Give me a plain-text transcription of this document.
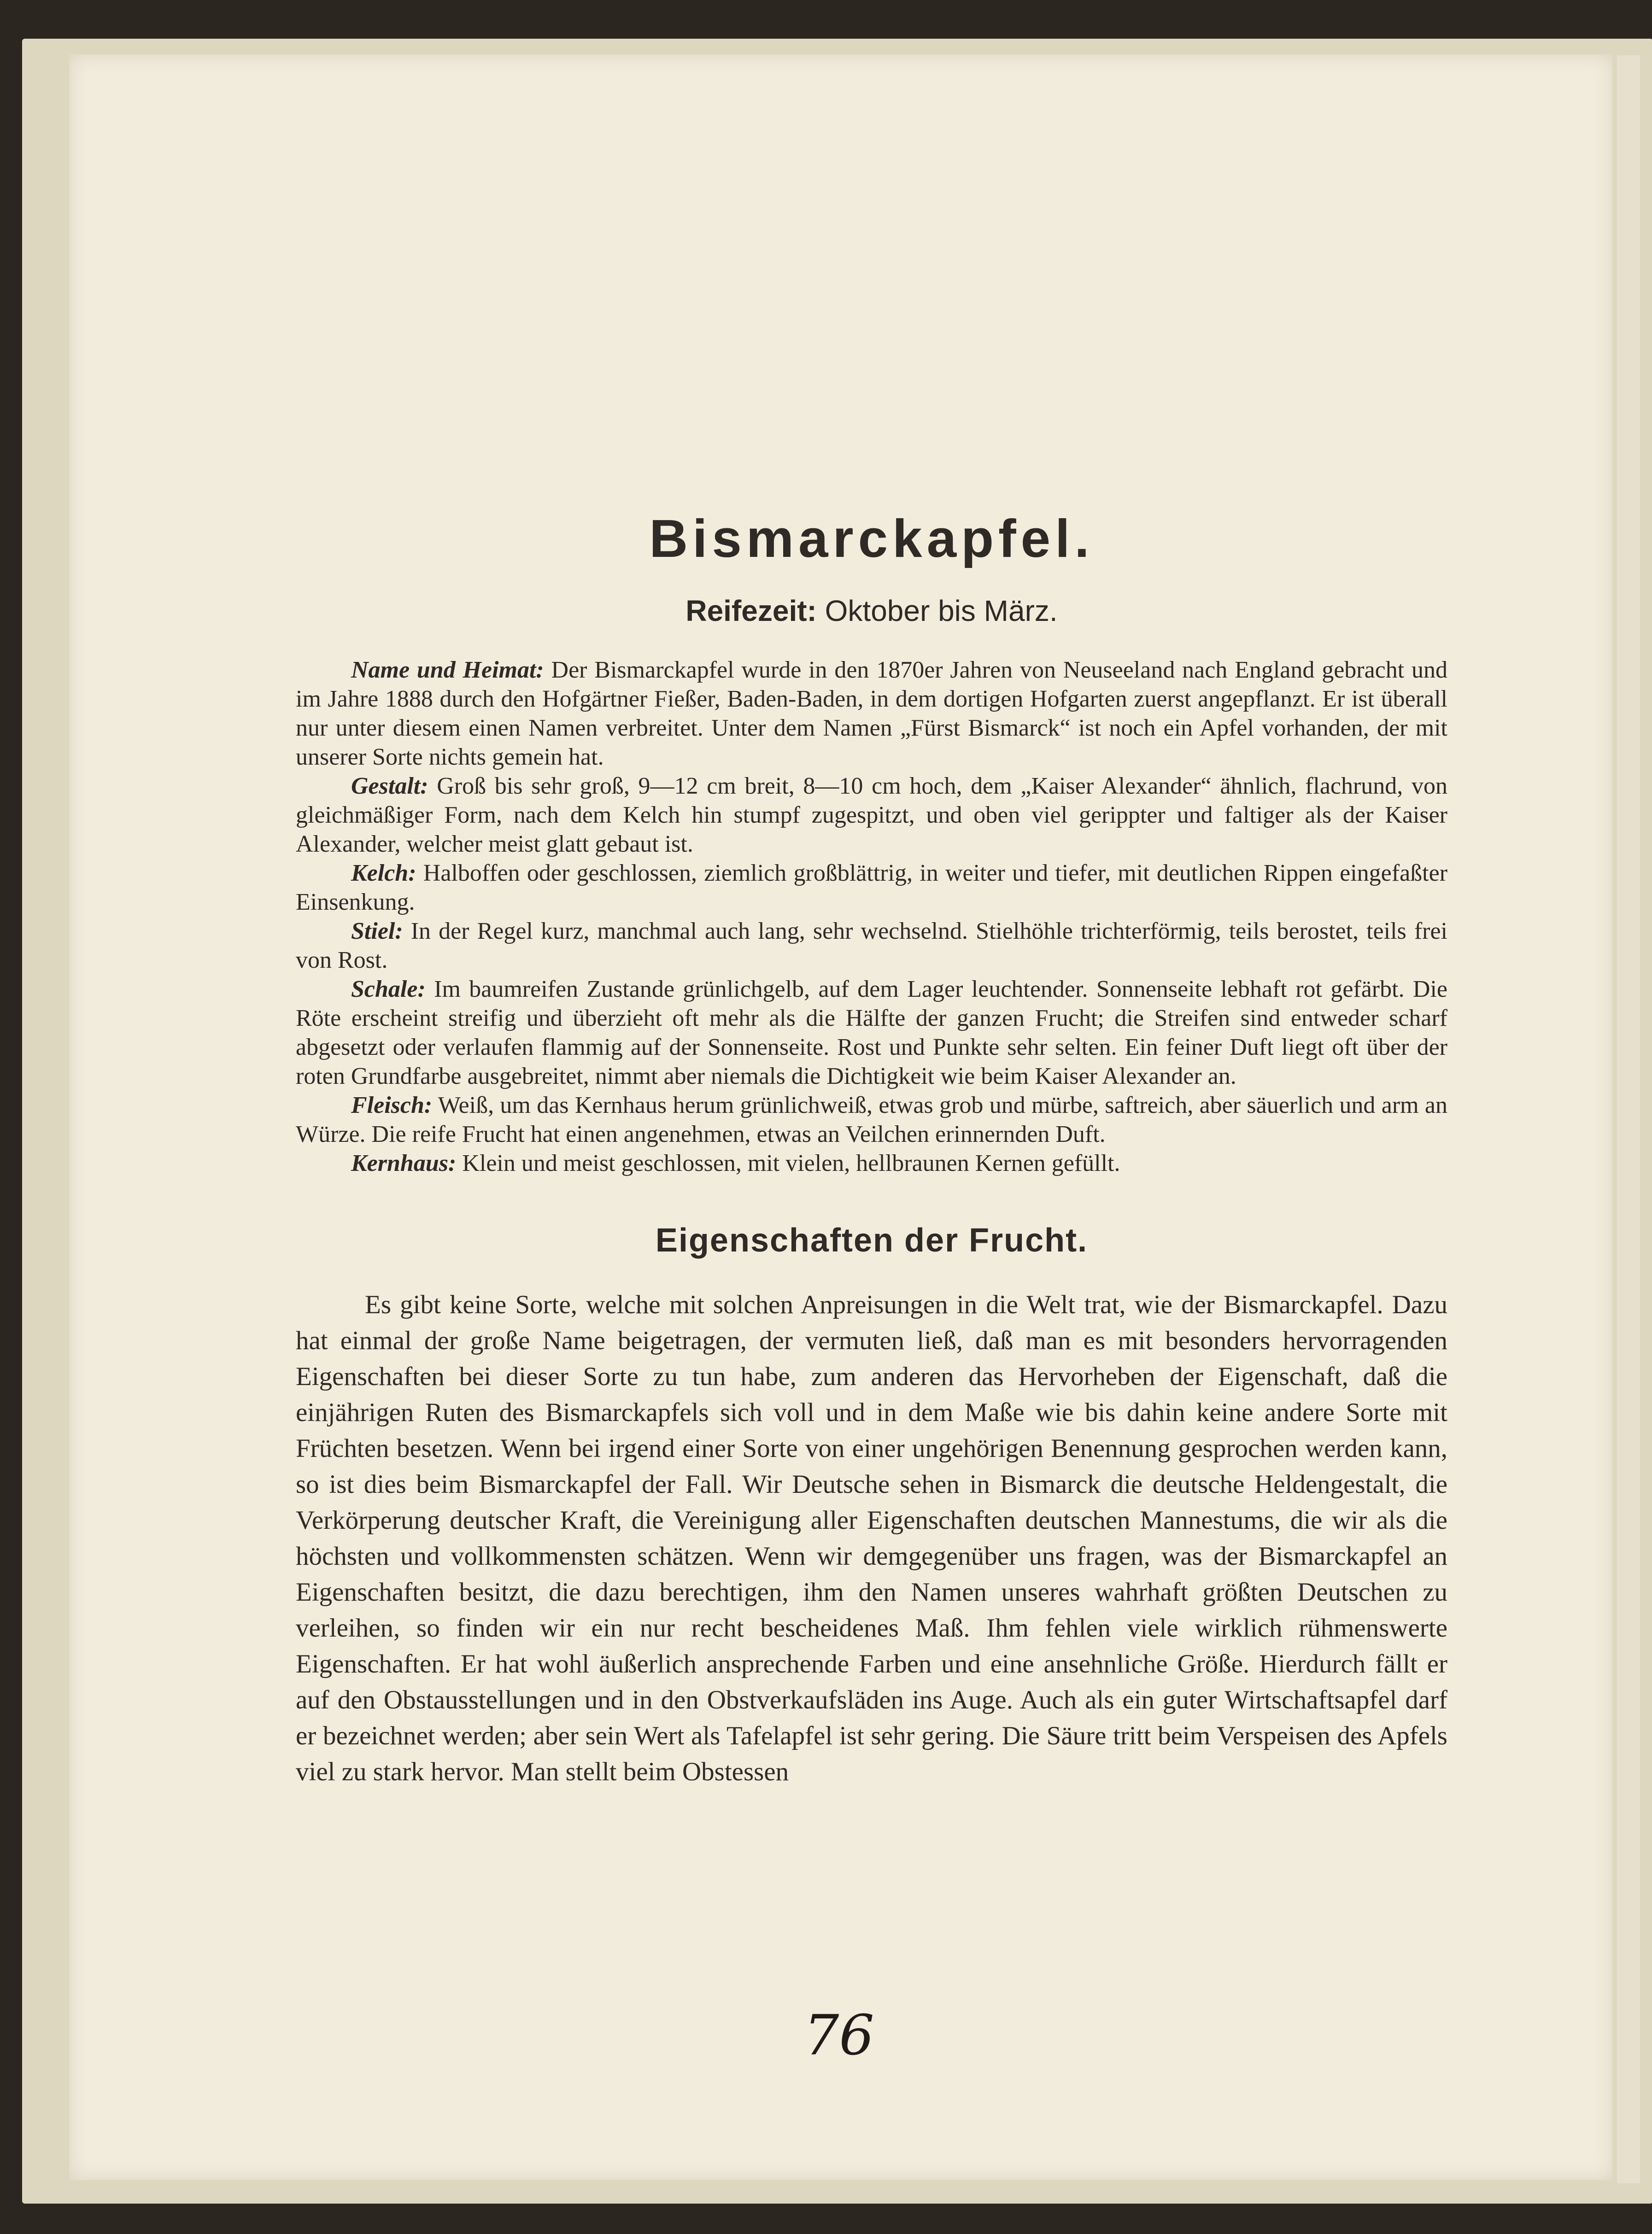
Bismarckapfel.
Reifezeit: Oktober bis März.

Name und Heimat: Der Bismarckapfel wurde in den 1870er Jahren von Neuseeland nach England gebracht und im Jahre 1888 durch den Hofgärtner Fießer, Baden-Baden, in dem dortigen Hofgarten zuerst angepflanzt. Er ist überall nur unter diesem einen Namen verbreitet. Unter dem Namen „Fürst Bismarck“ ist noch ein Apfel vorhanden, der mit unserer Sorte nichts gemein hat.

Gestalt: Groß bis sehr groß, 9—12 cm breit, 8—10 cm hoch, dem „Kaiser Alexander“ ähnlich, flachrund, von gleichmäßiger Form, nach dem Kelch hin stumpf zugespitzt, und oben viel gerippter und faltiger als der Kaiser Alexander, welcher meist glatt gebaut ist.

Kelch: Halboffen oder geschlossen, ziemlich großblättrig, in weiter und tiefer, mit deutlichen Rippen eingefaßter Einsenkung.

Stiel: In der Regel kurz, manchmal auch lang, sehr wechselnd. Stielhöhle trichterförmig, teils berostet, teils frei von Rost.

Schale: Im baumreifen Zustande grünlichgelb, auf dem Lager leuchtender. Sonnenseite lebhaft rot gefärbt. Die Röte erscheint streifig und überzieht oft mehr als die Hälfte der ganzen Frucht; die Streifen sind entweder scharf abgesetzt oder verlaufen flammig auf der Sonnenseite. Rost und Punkte sehr selten. Ein feiner Duft liegt oft über der roten Grundfarbe ausgebreitet, nimmt aber niemals die Dichtigkeit wie beim Kaiser Alexander an.

Fleisch: Weiß, um das Kernhaus herum grünlichweiß, etwas grob und mürbe, saftreich, aber säuerlich und arm an Würze. Die reife Frucht hat einen angenehmen, etwas an Veilchen erinnernden Duft.

Kernhaus: Klein und meist geschlossen, mit vielen, hellbraunen Kernen gefüllt.

Eigenschaften der Frucht.

Es gibt keine Sorte, welche mit solchen Anpreisungen in die Welt trat, wie der Bismarckapfel. Dazu hat einmal der große Name beigetragen, der vermuten ließ, daß man es mit besonders hervorragenden Eigenschaften bei dieser Sorte zu tun habe, zum anderen das Hervorheben der Eigenschaft, daß die einjährigen Ruten des Bismarckapfels sich voll und in dem Maße wie bis dahin keine andere Sorte mit Früchten besetzen. Wenn bei irgend einer Sorte von einer ungehörigen Benennung gesprochen werden kann, so ist dies beim Bismarckapfel der Fall. Wir Deutsche sehen in Bismarck die deutsche Heldengestalt, die Verkörperung deutscher Kraft, die Vereinigung aller Eigenschaften deutschen Mannestums, die wir als die höchsten und vollkommensten schätzen. Wenn wir demgegenüber uns fragen, was der Bismarckapfel an Eigenschaften besitzt, die dazu berechtigen, ihm den Namen unseres wahrhaft größten Deutschen zu verleihen, so finden wir ein nur recht bescheidenes Maß. Ihm fehlen viele wirklich rühmenswerte Eigenschaften. Er hat wohl äußerlich ansprechende Farben und eine ansehnliche Größe. Hierdurch fällt er auf den Obstausstellungen und in den Obstverkaufsläden ins Auge. Auch als ein guter Wirtschaftsapfel darf er bezeichnet werden; aber sein Wert als Tafelapfel ist sehr gering. Die Säure tritt beim Verspeisen des Apfels viel zu stark hervor. Man stellt beim Obstessen

76
